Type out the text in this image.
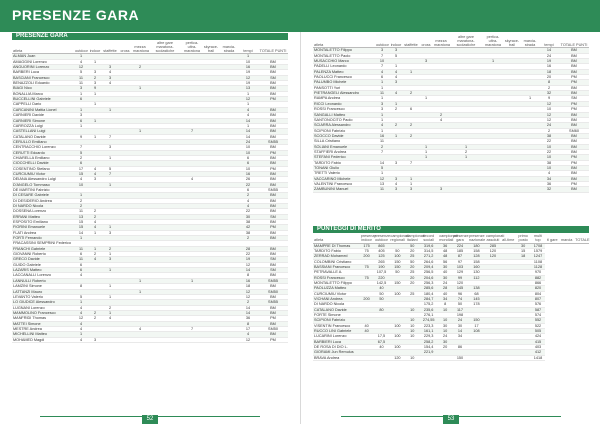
PRESENZE GARA
PRESENZE GARA
atleta	outdoor	indoor	staffette	cross	mezza maratona	altre gare maratona-scolastiche	pertica-ultra-maratona	skyrace-trail	marcia-strada	tempi	TOTALE PUNTI
ALMAN Juan	1									1	
AMAGGINI Lorenzo	4	1								10	BM
ANGUORINI Lorenzo	12		3		2					16	BM
BARBERI Luca	5	3	4							19	BM
BASCIANI Francesco	11	2	3							12	SM
BENAZZOLI Eduardo	11	3	4							19	BM
BIAGI Nico	3	9			1					13	BM
BONALLIA Marco	1	1								1	BM
BUCCELLINI Gabriele	6									12	PM
CAPPELLI Dario		1								1	
CARCANINI Mattia Lionel	1		1							4	BM
CARNIERI Davide	3									4	BM
CARNIERI Simone	6	1								14	BM
CARROZZA Luigi	1									1	BM
CASTELLANI Luigi					1		7			14	BM
CATALANO Davide	9	1	7							14	BM
CERULLO Emiliano										24	SM55
CENTRACCHIO Lorenzo	7		3							10	BM
CERUTTI Edoardo	5									10	PM
CHIARELLA Emiliano	2		1							6	BM
CIOCCHELLI Davide	6									6	BM
COSENTINO Stefano	17	4	5							10	PM
CURCIUMIU Victor	15	4	7							16	BM
DEIANA Alessandro Luigi	4	3					4			26	BM
D'ANGELO Tommaso	10		1							22	BM
DE MARTINI Fabrizio										6	SM55
DI CESARE Gabriele	1									2	BM
DI DESIDERIO Andrea	2									4	BM
DI NARDO Nicola	2									4	BM
DOSSENA Lorenzo	11	2								22	BM
ERRANI Matteo	13	2								30	SM
ESPOSITO Emiliano	15	4								38	BM
FIORINI Emanuele	15	4	1							42	PM
FLATI Andrea	14	1	3							38	BM
FORTI Fernando	1									2	BM
FRACASSINI SEMPRINI Federico											
FRANCHI Gabriele	11	1	2							28	BM
GIOVANNI Roberto	6	2	1							22	BM
GRECO Davide	11	4	3							19	SM
GUIDO Gabriele	6									12	BM
LAZARIS Matteo	6		1							14	SM
LACCANALLI Lorenzo	4									8	BM
LANNULLI Roberto					1		1			16	SM55
LAMZINI Simone	8		1							18	BM
LATTANZI Mauro					1					12	SM50
LEVANTO Valerio	5		1							12	BM
LO GIUDICE Alessandro	1									2	SM55
LUGNANI Lorenzo	4		2							14	BM
MAMMOLINO Francesco	4	2	1							14	BM
MANFRIDI Thomas	12	2	4							36	PM
MATTEI Simone	4									8	BM
MESTRE Andrea	4				4		7			17	SM50
MICHELLINI Matteo	1									4	BM
MOHAMED Magdi	4	3								12	PM
52
atleta	outdoor	indoor	staffette	cross	mezza maratona	altre gare maratona-scolastiche	pertica-ultra-maratona	skyrace-trail	marcia-strada	tempi	TOTALE PUNTI
MONTALETTO Filippo	3	3								14	BM
MONTALETTO Paolo	7	5								24	BM
MUSACCHIO Marco	10			3			1			19	BM
PADELLI Leonardo	7	1								16	BM
PALENZA Matteo	4	4	1							18	BM
PAOLUCCI Francesco	6	4								20	PM
PALUMBO Michele	1	3								8	PM
PANSOTTI Yuri	1									2	BM
PIETRANGELI Alessandro	11	4	2							32	BM
RAMPA Andrea	1			1					1	9	SM
RICCI Leonardo	3	1								12	PM
ROSSI Francesco	3	2	6							10	PM
SANGALLI Matteo	1				2					12	BM
SANTONOCITO Paolo	1				4					12	BM
SCIARRA Alessandro	4	2	2							24	BM
SCIPIONI Fabrizio	1									2	SM60
SCOCCO Davide	16	1	2							38	BM
SILLA Cristiano	11									22	BM
SOLIANI Emanuele	2			1		1				10	BM
STAFFIERI Andrea	7			1		2				22	BM
STEFANI Federico				1		1				10	PM
TARDITO Fabio	14	3	7							38	PM
TONANI Giulio	5									10	BM
TRETTI Valerio	1									4	BM
VACCARINO Michele	12	3	1							34	BM
VALENTINI Francesco	13	4	1							36	PM
ZAMBUNINI Manuel	11	3	3		3					32	BM
PUNTEGGI DI MERITO
atleta	presenze indoor	presenze outdoor	campionati regionali	campionati italiani	record sociali	campionati mondiali	presenze gara	presenze nazionale	campionati assoluti	all-time	primo posto	multi top	tl gare	marcia	TOTALE
MAMPRE DI Thomas	175	865		50	319,6	36	224	180	285		30	1708			
TARDITO Fabio	75	405	50	20	314,5	48	185	158	120		15	1579			
ZERRAD Mohamed	200	125	100	25	271,2	48	87	128	120		18	1247			
COLOMBINI Cristiano		265	150	50	264,6	56	97	158				1108			
BASSIANI Francesco	75	190	150	20	209,4	30	103	160				1128			
PETRAVALLE A.		107,5	50	25	256,5	40	129	130				970			
ROSSI Francesco	75	220		20	204,6	30	99	112				882			
MONTALETTO Filippo		142,5	150	20	256,3	24	120					866			
PAOLUZZA Matteo		40			285,6	28	145	138				820			
CURCIUMIU Victor		50	100	25	180,4	40	96	68				804			
VICHANI Andrea	200	50			284,7	34	74	145				807			
DI NARDO Nicola					175,2	8	50	178				576			
CATALANO Davide		80		10	235,6	10	117					587			
FORTE Simone					276,1		198					574			
SCIPIONI Fabrizio				10	274,55	10	24	150				552			
VISENTIN Francesco	40		100	10	223,3	30	30	17				522			
RUCCO LINI Gabriele	40			10	161,1	10	14	108				505			
LUCARINI Lorenzo		17,5	100	10	229,3	24	34					424			
BARBIERI Luca		67,5			258,2	30						415			
DE ROSA DI DIO L.		40	100		154,4	20	86					403			
GIORAMI Jun Remulus					221,9							412			
BRAVA Andrea			120	10			150					1418			
53
